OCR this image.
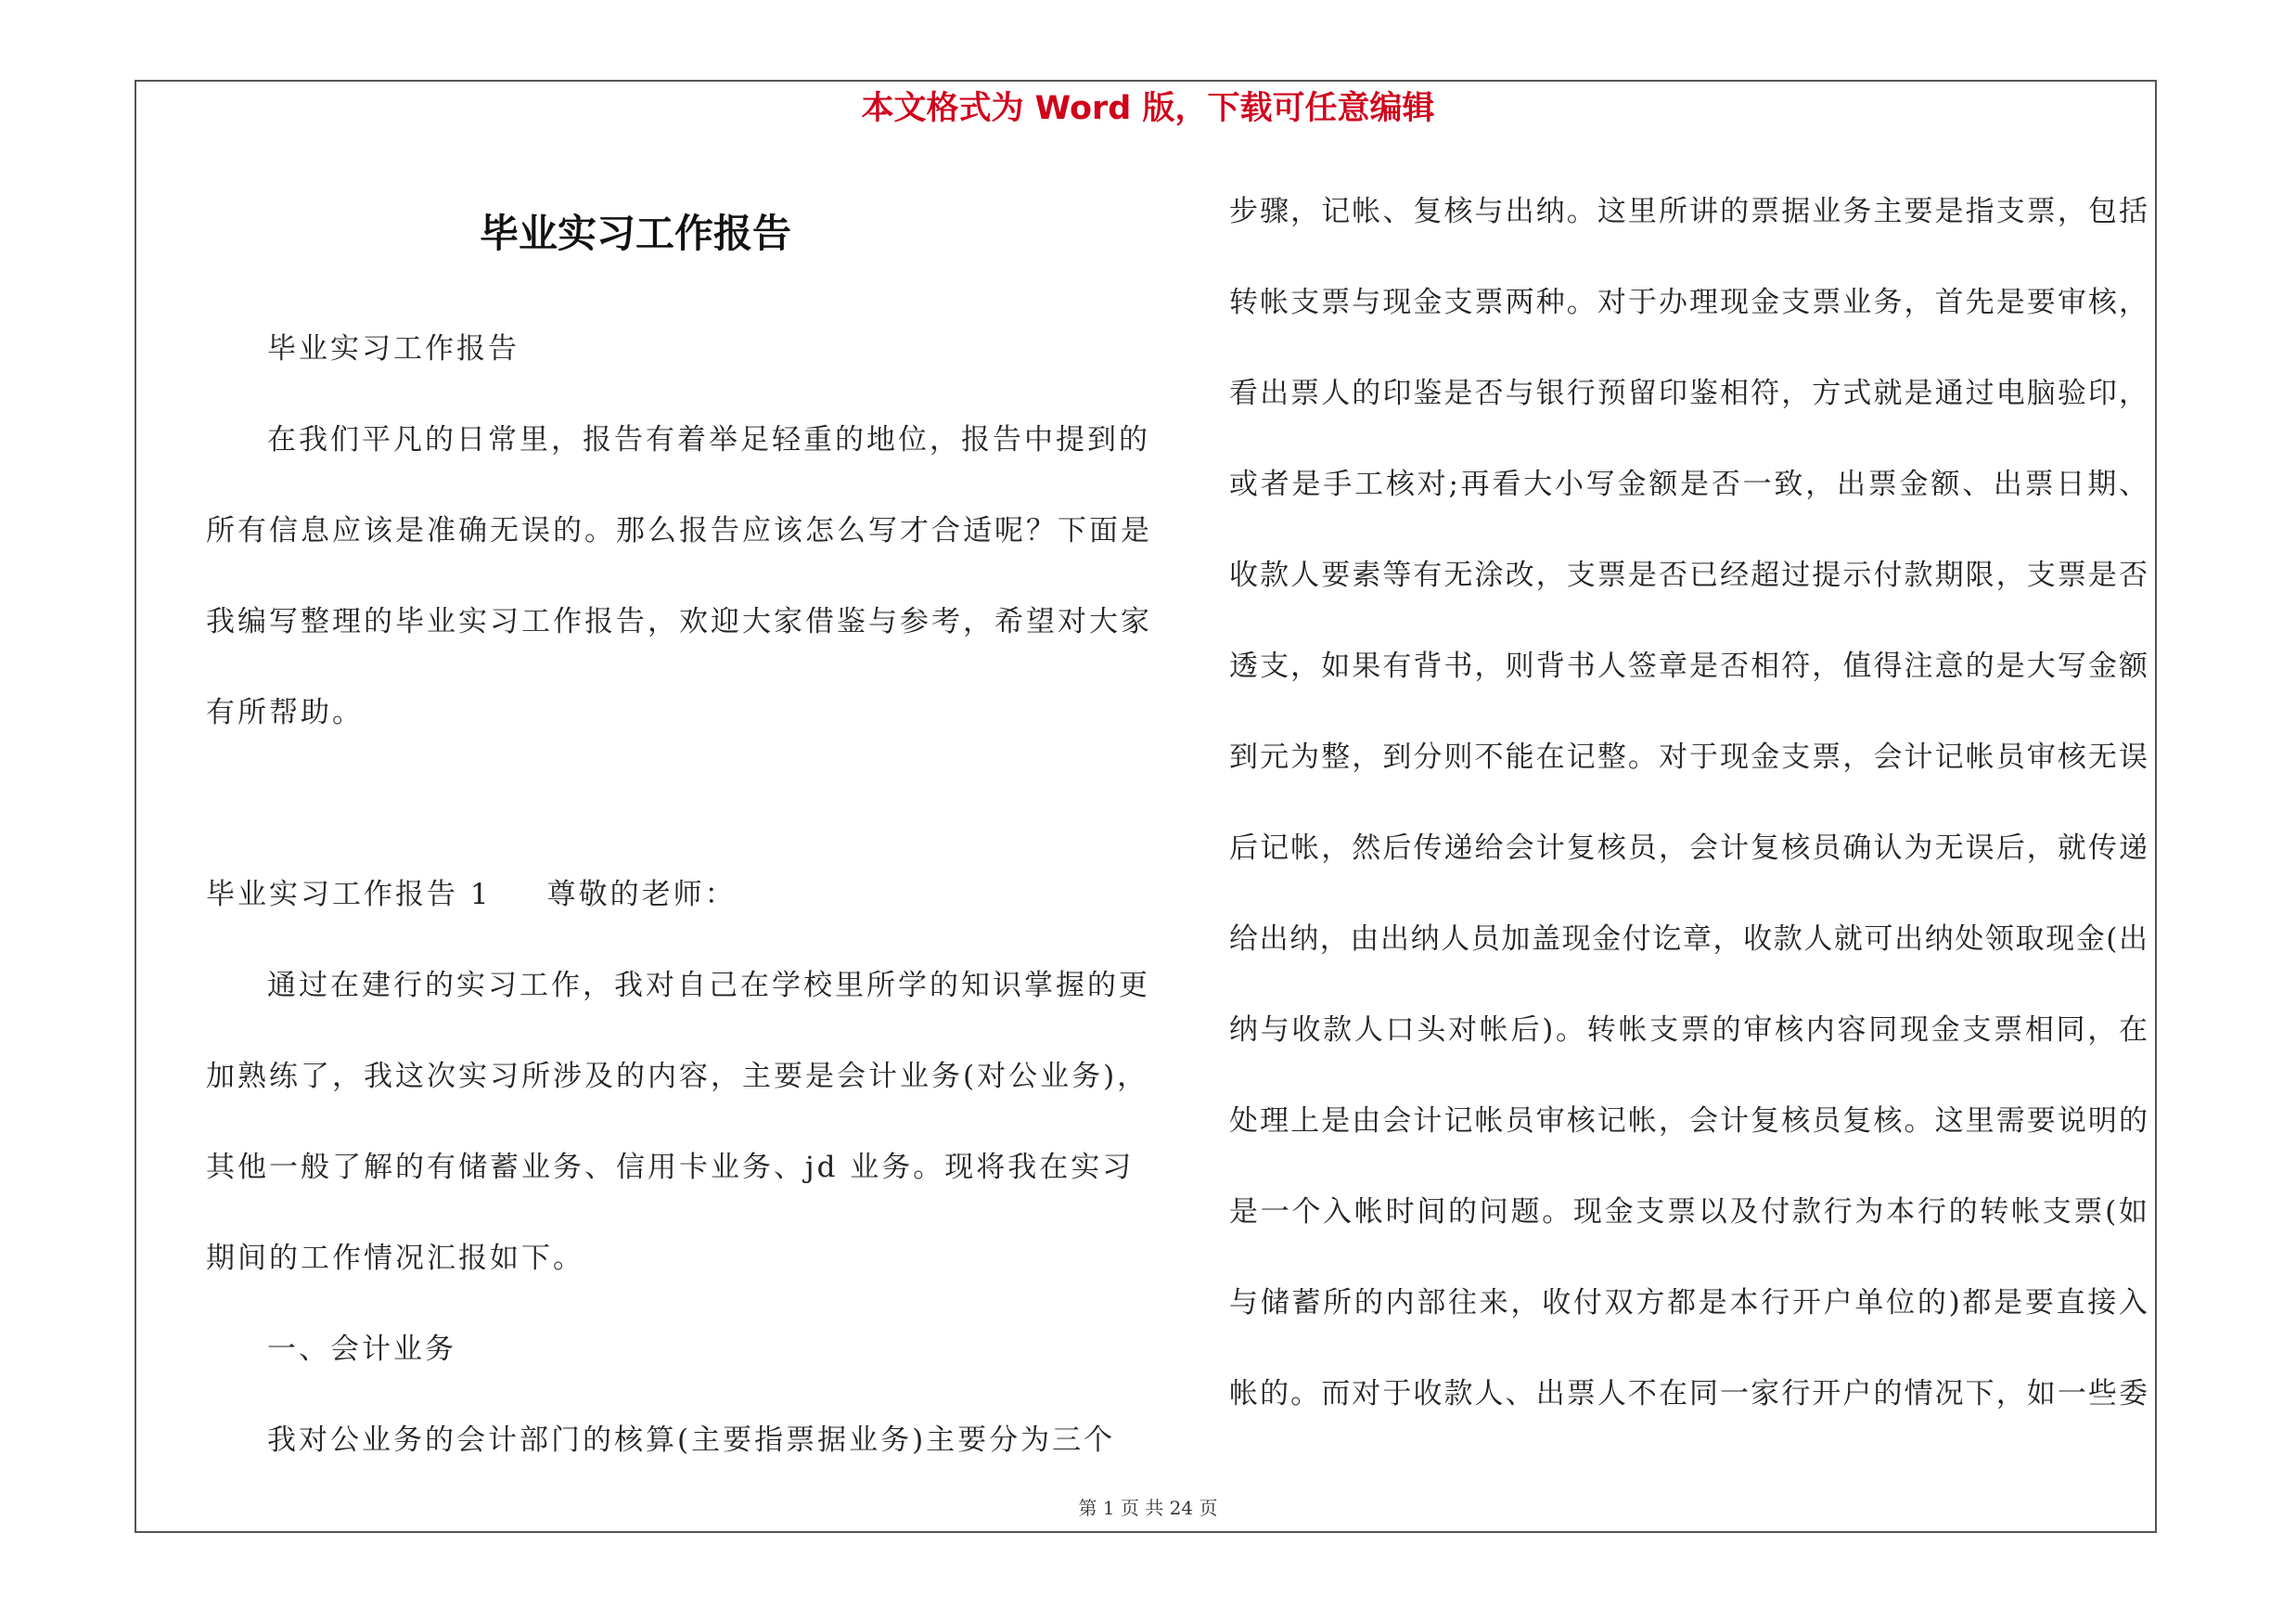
本文格式为 Word 版，下载可任意编辑
毕业实习工作报告
毕业实习工作报告
在我们平凡的日常里，报告有着举足轻重的地位，报告中提到的
所有信息应该是准确无误的。那么报告应该怎么写才合适呢？下面是
我编写整理的毕业实习工作报告，欢迎大家借鉴与参考，希望对大家
有所帮助。
毕业实习工作报告 1 尊敬的老师：
通过在建行的实习工作，我对自己在学校里所学的知识掌握的更
加熟练了，我这次实习所涉及的内容，主要是会计业务(对公业务)，
其他一般了解的有储蓄业务、信用卡业务、jd 业务。现将我在实习
期间的工作情况汇报如下。
一、会计业务
我对公业务的会计部门的核算(主要指票据业务)主要分为三个
步骤，记帐、复核与出纳。这里所讲的票据业务主要是指支票，包括
转帐支票与现金支票两种。对于办理现金支票业务，首先是要审核，
看出票人的印鉴是否与银行预留印鉴相符，方式就是通过电脑验印，
或者是手工核对;再看大小写金额是否一致，出票金额、出票日期、
收款人要素等有无涂改，支票是否已经超过提示付款期限，支票是否
透支，如果有背书，则背书人签章是否相符，值得注意的是大写金额
到元为整，到分则不能在记整。对于现金支票，会计记帐员审核无误
后记帐，然后传递给会计复核员，会计复核员确认为无误后，就传递
给出纳，由出纳人员加盖现金付讫章，收款人就可出纳处领取现金(出
纳与收款人口头对帐后)。转帐支票的审核内容同现金支票相同，在
处理上是由会计记帐员审核记帐，会计复核员复核。这里需要说明的
是一个入帐时间的问题。现金支票以及付款行为本行的转帐支票(如
与储蓄所的内部往来，收付双方都是本行开户单位的)都是要直接入
帐的。而对于收款人、出票人不在同一家行开户的情况下，如一些委
第 1 页 共 24 页
